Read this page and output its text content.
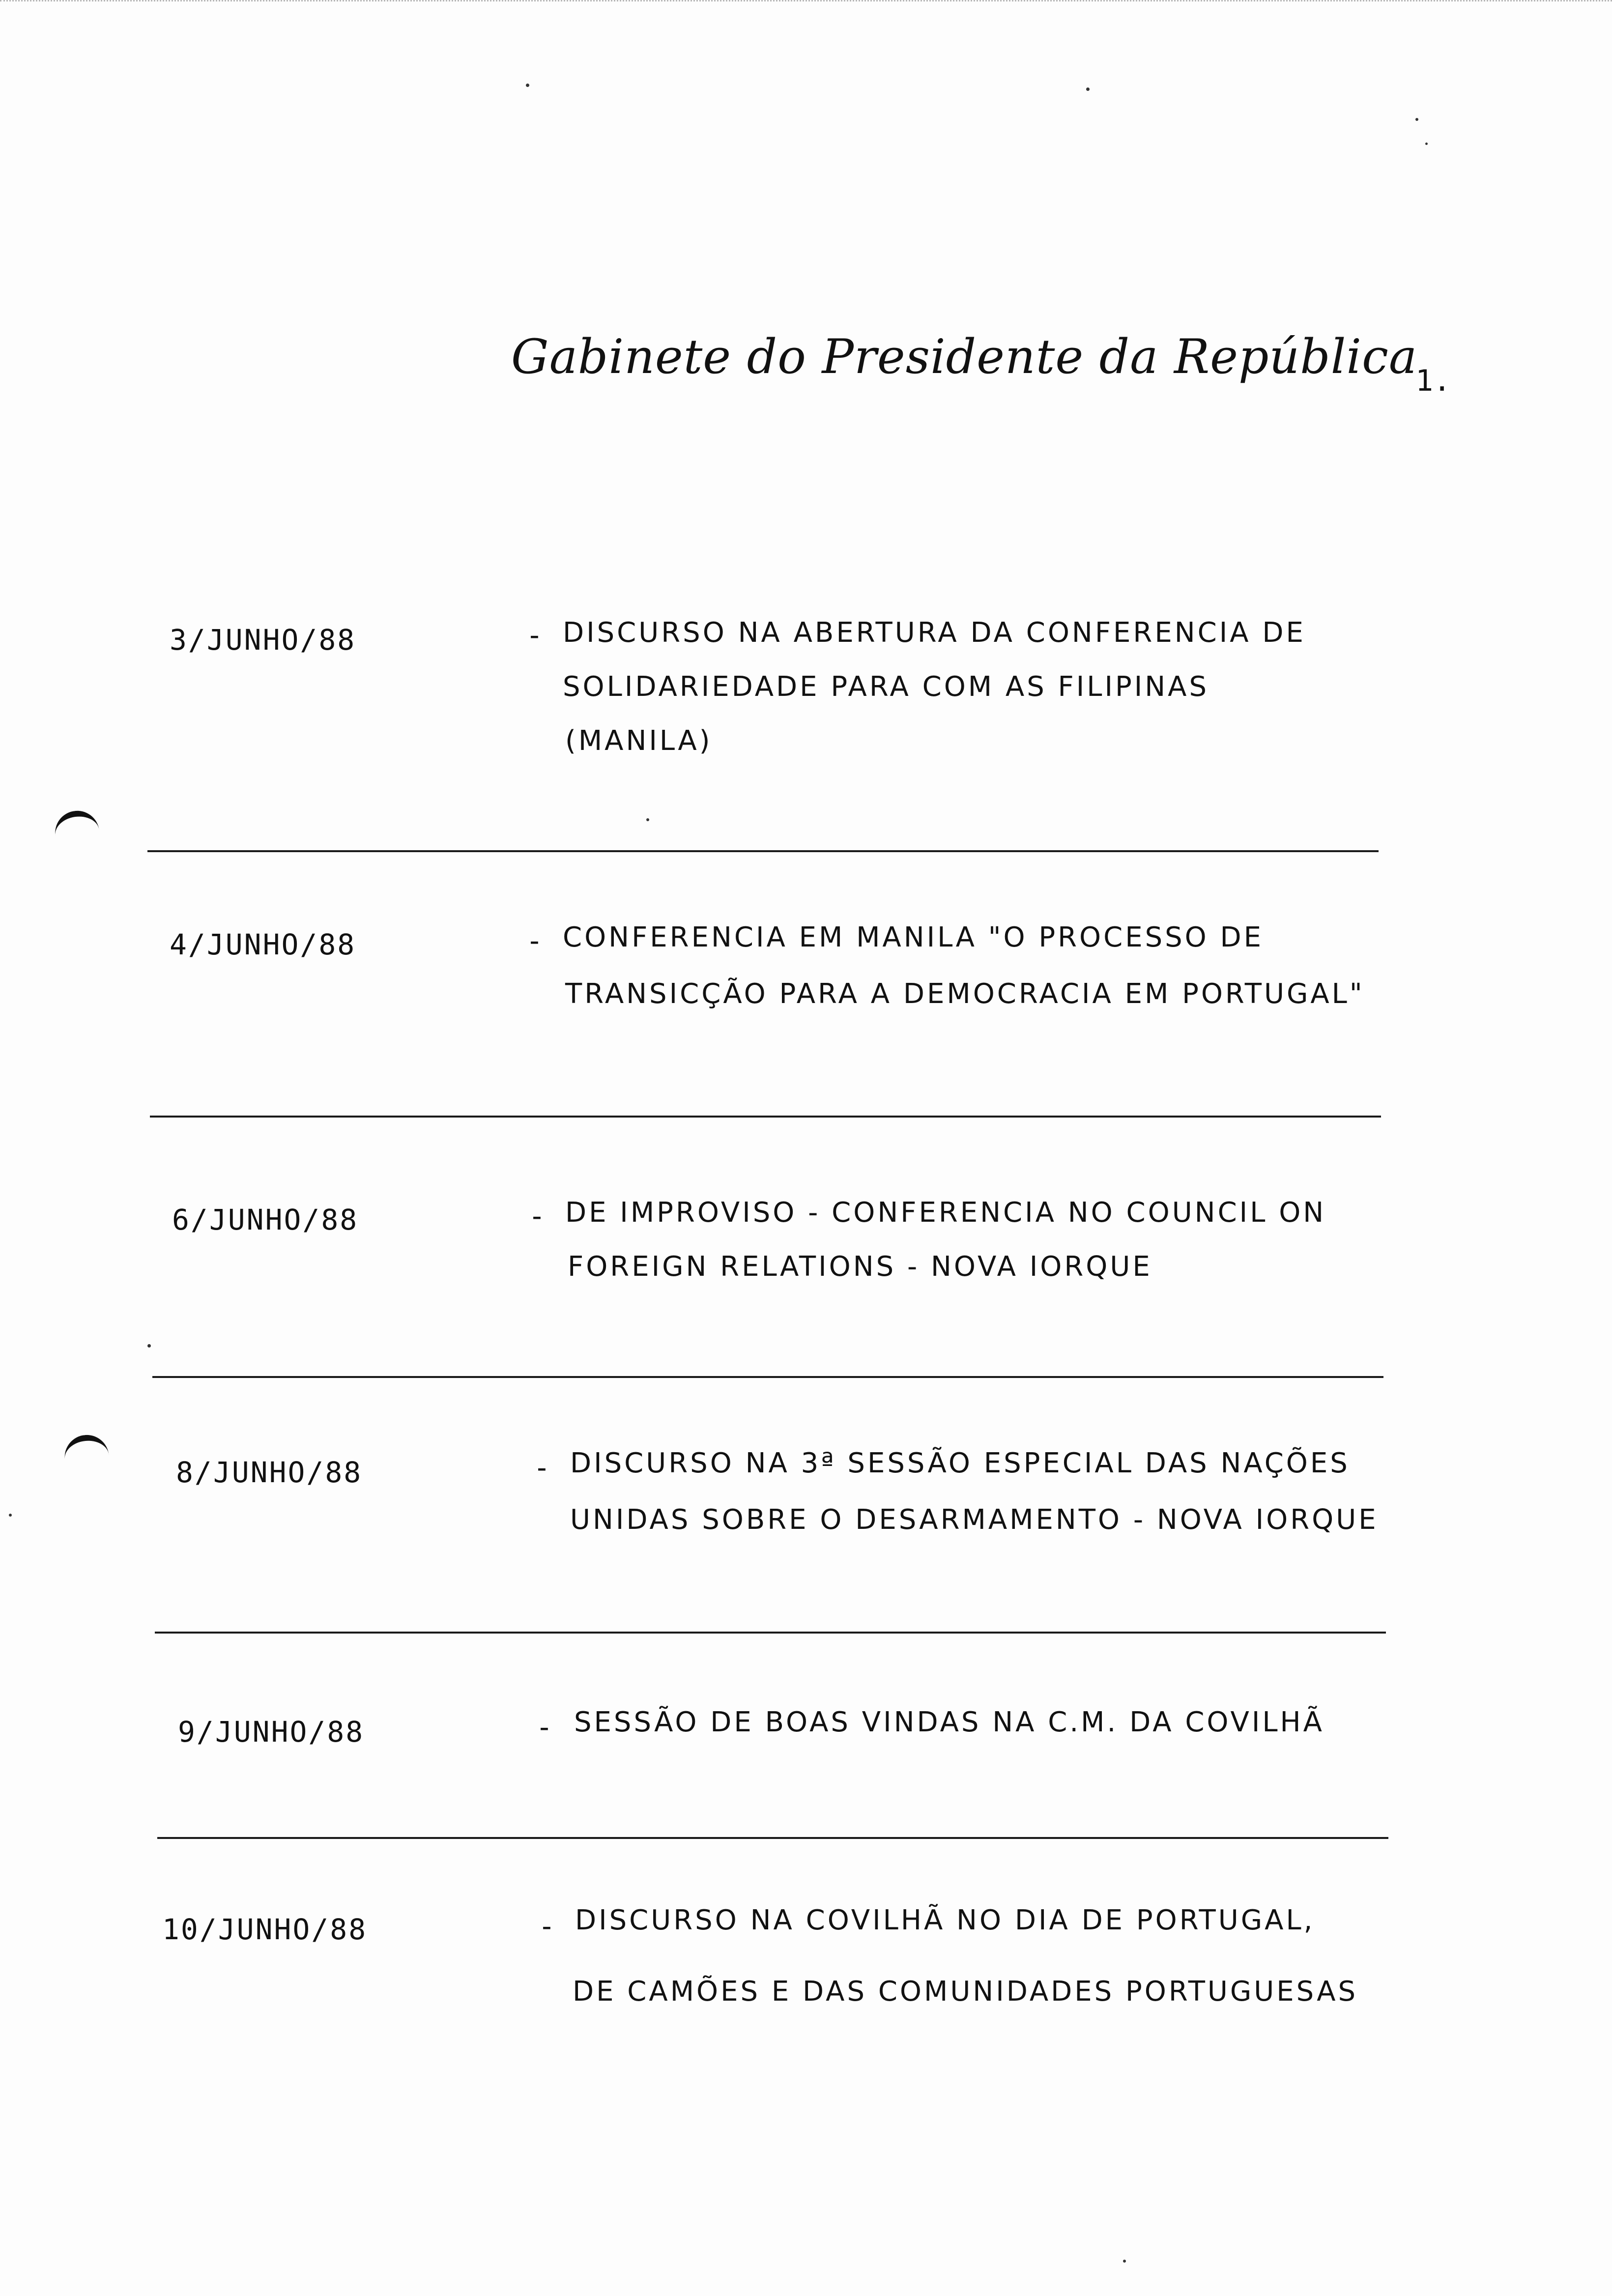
Gabinete do Presidente da República
1.
3/JUNHO/88	- DISCURSO NA ABERTURA DA CONFERENCIA DE
SOLIDARIEDADE PARA COM AS FILIPINAS
(MANILA)
4/JUNHO/88	- CONFERENCIA EM MANILA "O PROCESSO DE
TRANSICÇÃO PARA A DEMOCRACIA EM PORTUGAL"
6/JUNHO/88	- DE IMPROVISO - CONFERENCIA NO COUNCIL ON
FOREIGN RELATIONS - NOVA IORQUE
8/JUNHO/88	- DISCURSO NA 3ª SESSÃO ESPECIAL DAS NAÇÕES
UNIDAS SOBRE O DESARMAMENTO - NOVA IORQUE
9/JUNHO/88	- SESSÃO DE BOAS VINDAS NA C.M. DA COVILHÃ
10/JUNHO/88	- DISCURSO NA COVILHÃ NO DIA DE PORTUGAL,
DE CAMÕES E DAS COMUNIDADES PORTUGUESAS
